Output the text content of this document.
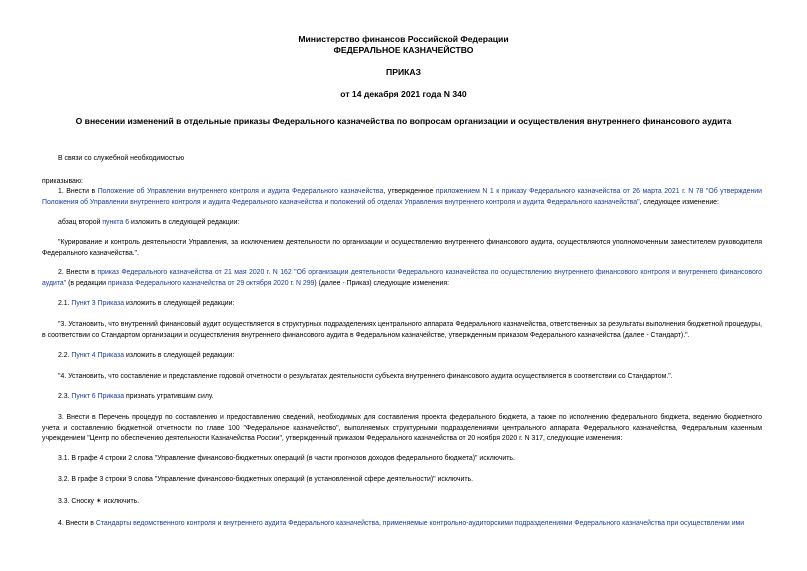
Министерство финансов Российской Федерации
ФЕДЕРАЛЬНОЕ КАЗНАЧЕЙСТВО
ПРИКАЗ
от 14 декабря 2021 года N 340
О внесении изменений в отдельные приказы Федерального казначейства по вопросам организации и осуществления внутреннего финансового аудита
В связи со служебной необходимостью
приказываю:
1. Внести в Положение об Управлении внутреннего контроля и аудита Федерального казначейства, утвержденное приложением N 1 к приказу Федерального казначейства от 26 марта 2021 г. N 78 "Об утверждении Положения об Управлении внутреннего контроля и аудита Федерального казначейства и положений об отделах Управления внутреннего контроля и аудита Федерального казначейства", следующее изменение:
абзац второй пункта 6 изложить в следующей редакции:
"Курирование и контроль деятельности Управления, за исключением деятельности по организации и осуществлению внутреннего финансового аудита, осуществляются уполномоченным заместителем руководителя Федерального казначейства.".
2. Внести в приказ Федерального казначейства от 21 мая 2020 г. N 162 "Об организации деятельности Федерального казначейства по осуществлению внутреннего финансового контроля и внутреннего финансового аудита" (в редакции приказа Федерального казначейства от 29 октября 2020 г. N 299) (далее - Приказ) следующие изменения:
2.1. Пункт 3 Приказа изложить в следующей редакции:
"3. Установить, что внутренний финансовый аудит осуществляется в структурных подразделениях центрального аппарата Федерального казначейства, ответственных за результаты выполнения бюджетной процедуры, в соответствии со Стандартом организации и осуществления внутреннего финансового аудита в Федеральном казначействе, утвержденным приказом Федерального казначейства (далее - Стандарт).".
2.2. Пункт 4 Приказа изложить в следующей редакции:
"4. Установить, что составление и представление годовой отчетности о результатах деятельности субъекта внутреннего финансового аудита осуществляется в соответствии со Стандартом.".
2.3. Пункт 6 Приказа признать утратившим силу.
3. Внести в Перечень процедур по составлению и предоставлению сведений, необходимых для составления проекта федерального бюджета, а также по исполнению федерального бюджета, ведению бюджетного учета и составлению бюджетной отчетности по главе 100 "Федеральное казначейство", выполняемых структурными подразделениями центрального аппарата Федерального казначейства, Федеральным казенным учреждением "Центр по обеспечению деятельности Казначейства России", утвержденный приказом Федерального казначейства от 20 ноября 2020 г. N 317, следующие изменения:
3.1. В графе 4 строки 2 слова "Управление финансово-бюджетных операций (в части прогнозов доходов федерального бюджета)" исключить.
3.2. В графе 3 строки 9 слова "Управление финансово-бюджетных операций (в установленной сфере деятельности)" исключить.
3.3. Сноску ✶ исключить.
4. Внести в Стандарты ведомственного контроля и внутреннего аудита Федерального казначейства, применяемые контрольно-аудиторскими подразделениями Федерального казначейства при осуществлении ими
